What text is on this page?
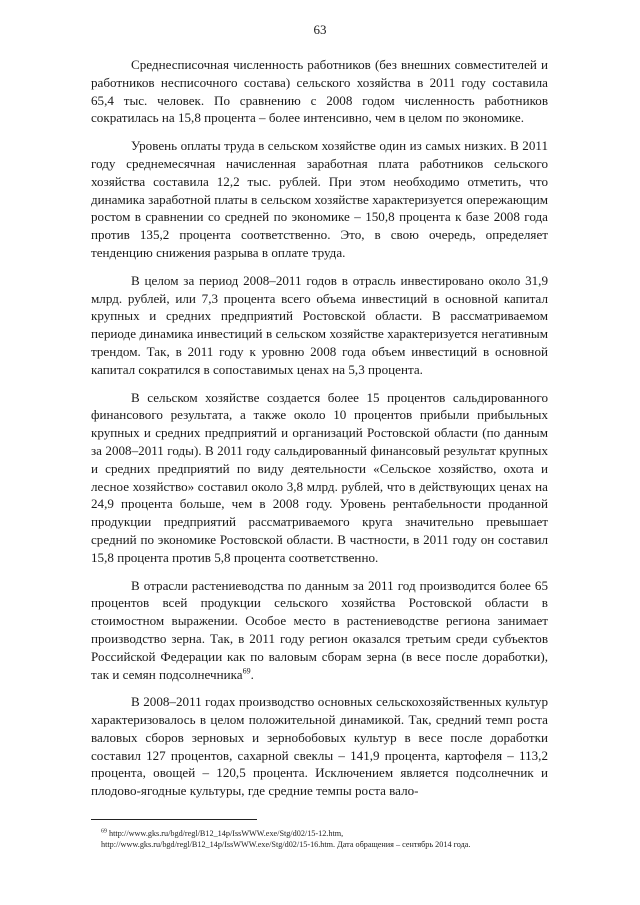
63

Среднесписочная численность работников (без внешних совместителей и работников несписочного состава) сельского хозяйства в 2011 году составила 65,4 тыс. человек. По сравнению с 2008 годом численность работников сократилась на 15,8 процента – более интенсивно, чем в целом по экономике.

Уровень оплаты труда в сельском хозяйстве один из самых низких. В 2011 году среднемесячная начисленная заработная плата работников сельского хозяйства составила 12,2 тыс. рублей. При этом необходимо отметить, что динамика заработной платы в сельском хозяйстве характеризуется опережающим ростом в сравнении со средней по экономике – 150,8 процента к базе 2008 года против 135,2 процента соответственно. Это, в свою очередь, определяет тенденцию снижения разрыва в оплате труда.

В целом за период 2008–2011 годов в отрасль инвестировано около 31,9 млрд. рублей, или 7,3 процента всего объема инвестиций в основной капитал крупных и средних предприятий Ростовской области. В рассматриваемом периоде динамика инвестиций в сельском хозяйстве характеризуется негативным трендом. Так, в 2011 году к уровню 2008 года объем инвестиций в основной капитал сократился в сопоставимых ценах на 5,3 процента.

В сельском хозяйстве создается более 15 процентов сальдированного финансового результата, а также около 10 процентов прибыли прибыльных крупных и средних предприятий и организаций Ростовской области (по данным за 2008–2011 годы). В 2011 году сальдированный финансовый результат крупных и средних предприятий по виду деятельности «Сельское хозяйство, охота и лесное хозяйство» составил около 3,8 млрд. рублей, что в действующих ценах на 24,9 процента больше, чем в 2008 году. Уровень рентабельности проданной продукции предприятий рассматриваемого круга значительно превышает средний по экономике Ростовской области. В частности, в 2011 году он составил 15,8 процента против 5,8 процента соответственно.

В отрасли растениеводства по данным за 2011 год производится более 65 процентов всей продукции сельского хозяйства Ростовской области в стоимостном выражении. Особое место в растениеводстве региона занимает производство зерна. Так, в 2011 году регион оказался третьим среди субъектов Российской Федерации как по валовым сборам зерна (в весе после доработки), так и семян подсолнечника$^{69}$.

В 2008–2011 годах производство основных сельскохозяйственных культур характеризовалось в целом положительной динамикой. Так, средний темп роста валовых сборов зерновых и зернобобовых культур в весе после доработки составил 127 процентов, сахарной свеклы – 141,9 процента, картофеля – 113,2 процента, овощей – 120,5 процента. Исключением является подсолнечник и плодово-ягодные культуры, где средние темпы роста вало-

$^{69}$ http://www.gks.ru/bgd/regl/B12_14p/IssWWW.exe/Stg/d02/15-12.htm,
http://www.gks.ru/bgd/regl/B12_14p/IssWWW.exe/Stg/d02/15-16.htm. Дата обращения – сентябрь 2014 года.
